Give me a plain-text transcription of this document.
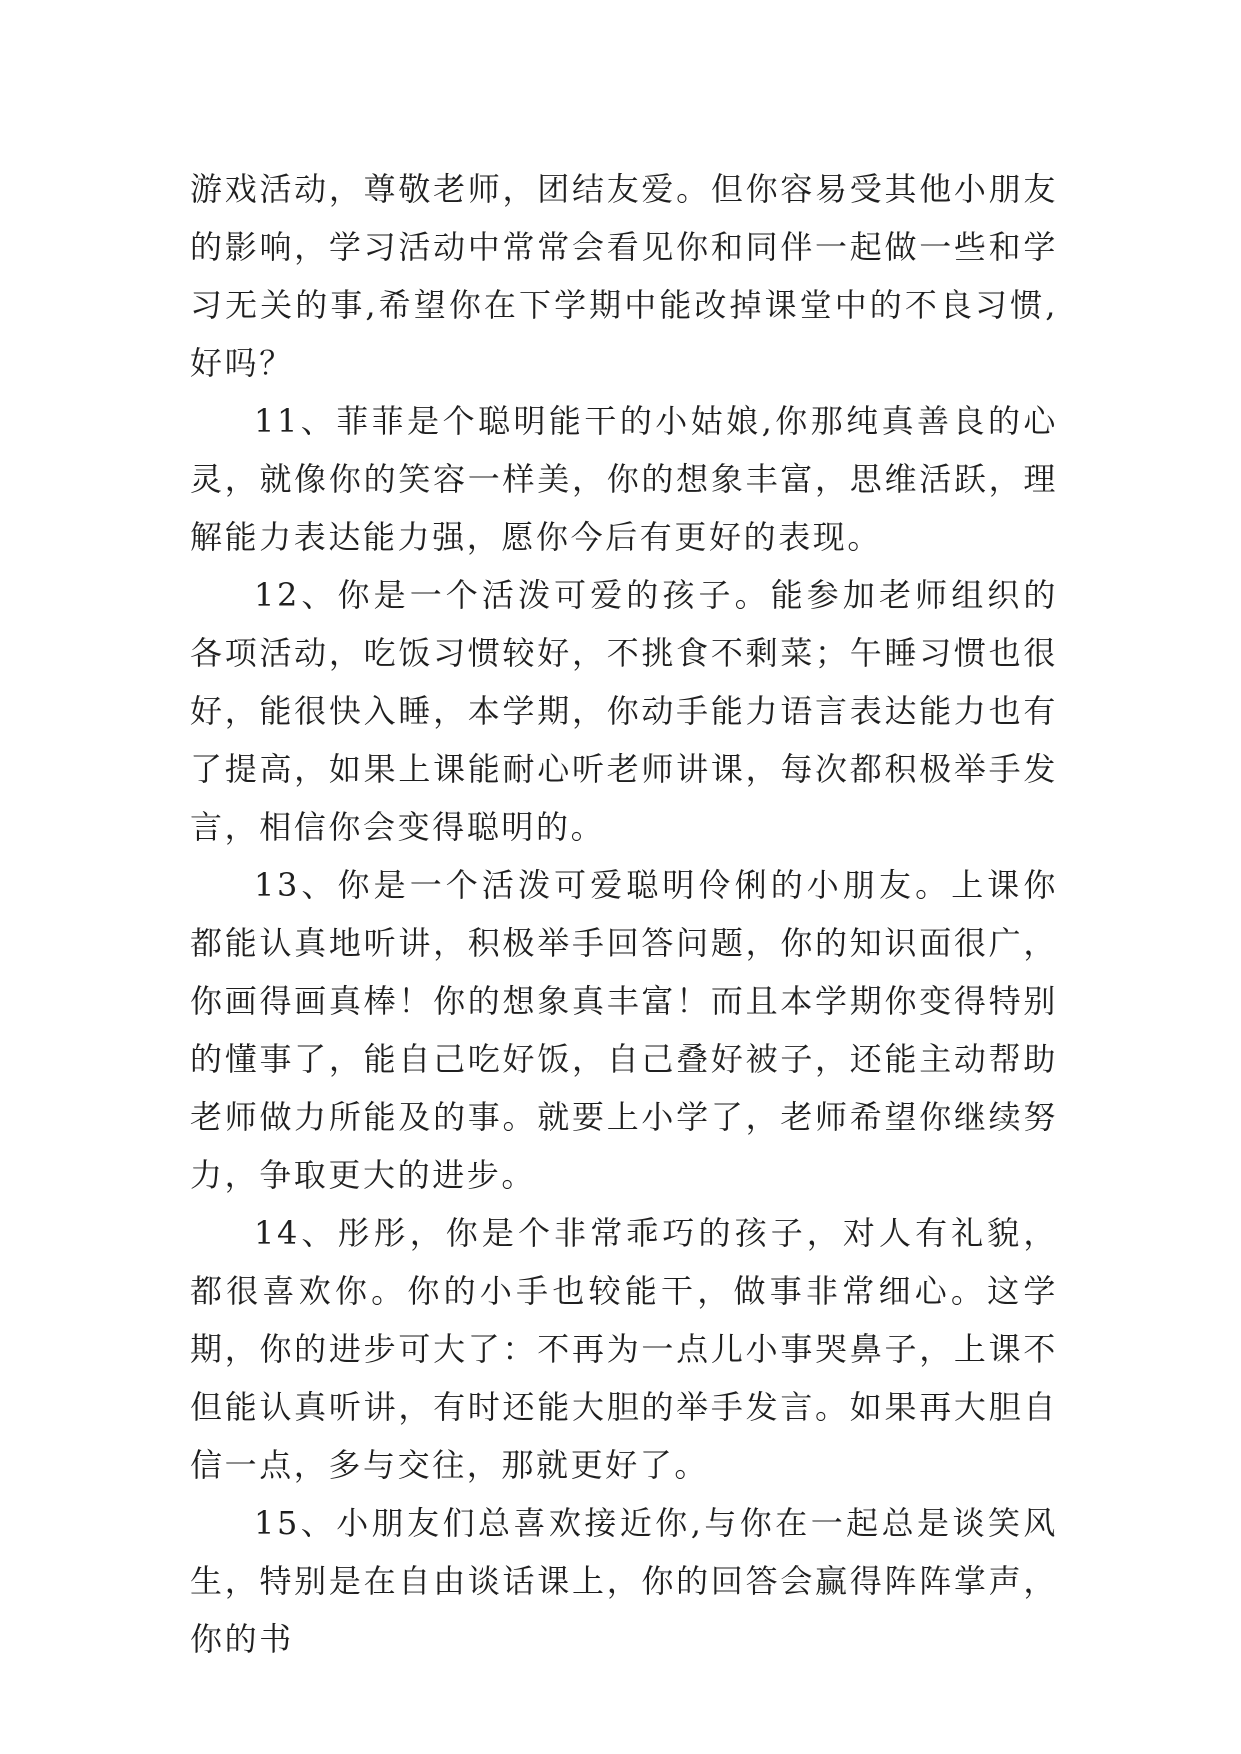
游戏活动，尊敬老师，团结友爱。但你容易受其他小朋友的影响，学习活动中常常会看见你和同伴一起做一些和学习无关的事,希望你在下学期中能改掉课堂中的不良习惯,好吗？

11、菲菲是个聪明能干的小姑娘,你那纯真善良的心灵，就像你的笑容一样美，你的想象丰富，思维活跃，理解能力表达能力强，愿你今后有更好的表现。

12、你是一个活泼可爱的孩子。能参加老师组织的各项活动，吃饭习惯较好，不挑食不剩菜；午睡习惯也很好，能很快入睡，本学期，你动手能力语言表达能力也有了提高，如果上课能耐心听老师讲课，每次都积极举手发言，相信你会变得聪明的。

13、你是一个活泼可爱聪明伶俐的小朋友。上课你都能认真地听讲，积极举手回答问题，你的知识面很广，你画得画真棒！你的想象真丰富！而且本学期你变得特别的懂事了，能自己吃好饭，自己叠好被子，还能主动帮助老师做力所能及的事。就要上小学了，老师希望你继续努力，争取更大的进步。

14、彤彤，你是个非常乖巧的孩子，对人有礼貌，都很喜欢你。你的小手也较能干，做事非常细心。这学期，你的进步可大了：不再为一点儿小事哭鼻子，上课不但能认真听讲，有时还能大胆的举手发言。如果再大胆自信一点，多与交往，那就更好了。

15、小朋友们总喜欢接近你,与你在一起总是谈笑风生，特别是在自由谈话课上，你的回答会赢得阵阵掌声，你的书
